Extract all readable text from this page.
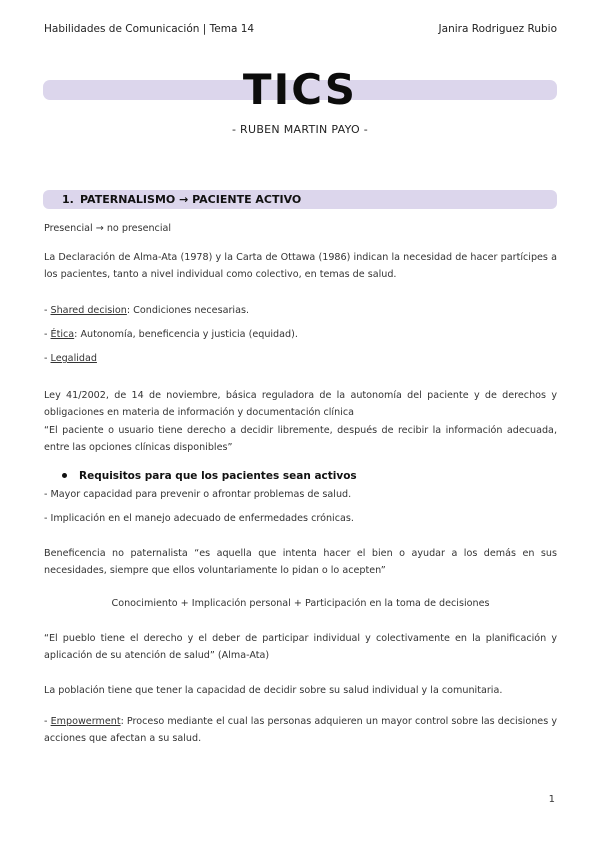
Habilidades de Comunicación | Tema 14	Janira Rodriguez Rubio
TICS
- RUBEN MARTIN PAYO -
1. PATERNALISMO → PACIENTE ACTIVO
Presencial → no presencial
La Declaración de Alma-Ata (1978) y la Carta de Ottawa (1986) indican la necesidad de hacer partícipes a los pacientes, tanto a nivel individual como colectivo, en temas de salud.
- Shared decision: Condiciones necesarias.
- Ética: Autonomía, beneficencia y justicia (equidad).
- Legalidad
Ley 41/2002, de 14 de noviembre, básica reguladora de la autonomía del paciente y de derechos y obligaciones en materia de información y documentación clínica
“El paciente o usuario tiene derecho a decidir libremente, después de recibir la información adecuada, entre las opciones clínicas disponibles”
Requisitos para que los pacientes sean activos
- Mayor capacidad para prevenir o afrontar problemas de salud.
- Implicación en el manejo adecuado de enfermedades crónicas.
Beneficencia no paternalista “es aquella que intenta hacer el bien o ayudar a los demás en sus necesidades, siempre que ellos voluntariamente lo pidan o lo acepten”
Conocimiento + Implicación personal + Participación en la toma de decisiones
“El pueblo tiene el derecho y el deber de participar individual y colectivamente en la planificación y aplicación de su atención de salud” (Alma-Ata)
La población tiene que tener la capacidad de decidir sobre su salud individual y la comunitaria.
- Empowerment: Proceso mediante el cual las personas adquieren un mayor control sobre las decisiones y acciones que afectan a su salud.
1
